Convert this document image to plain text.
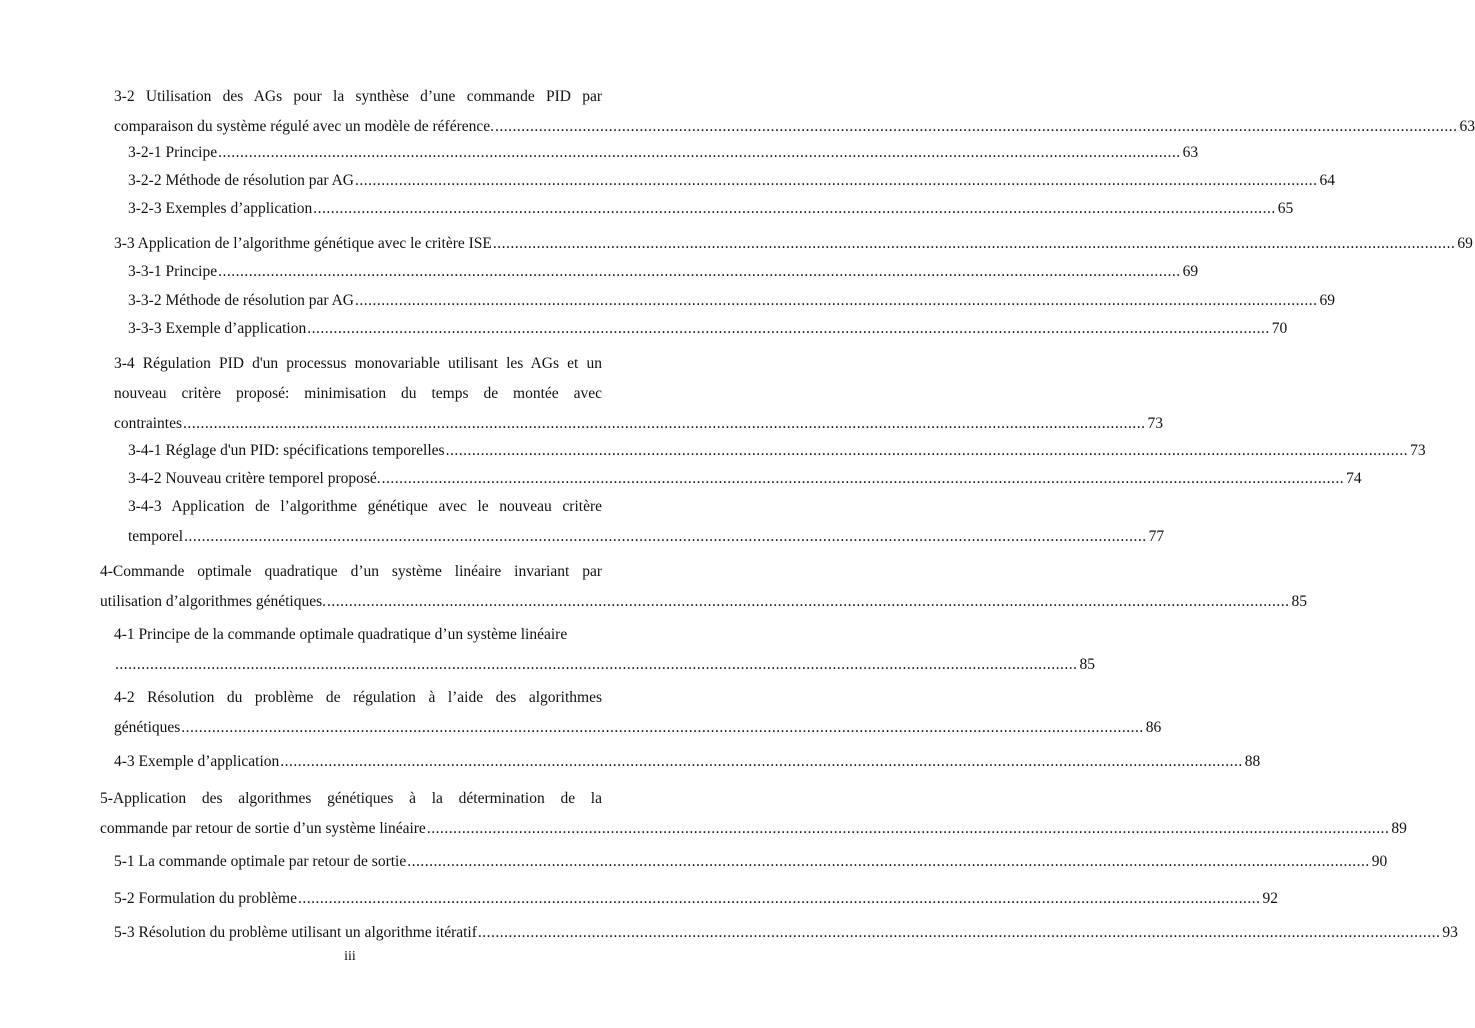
3-2 Utilisation des AGs pour la synthèse d’une commande PID par
comparaison du système régulé avec un modèle de référence. ............................................................................................................................................................................................................................ 63
3-2-1 Principe ............................................................................................................................................................................................................................ 63
3-2-2 Méthode de résolution par AG ............................................................................................................................................................................................................................ 64
3-2-3 Exemples d’application ............................................................................................................................................................................................................................ 65
3-3 Application de l’algorithme génétique avec le critère ISE ............................................................................................................................................................................................................................ 69
3-3-1 Principe ............................................................................................................................................................................................................................ 69
3-3-2 Méthode de résolution par AG ............................................................................................................................................................................................................................ 69
3-3-3 Exemple d’application ............................................................................................................................................................................................................................ 70
3-4 Régulation PID d'un processus monovariable utilisant les AGs et un
nouveau critère proposé: minimisation du temps de montée avec
contraintes ............................................................................................................................................................................................................................ 73
3-4-1 Réglage d'un PID: spécifications temporelles ............................................................................................................................................................................................................................ 73
3-4-2 Nouveau critère temporel proposé. ............................................................................................................................................................................................................................ 74
3-4-3 Application de l’algorithme génétique avec le nouveau critère
temporel ............................................................................................................................................................................................................................ 77
4-Commande optimale quadratique d’un système linéaire invariant par
utilisation d’algorithmes génétiques. ............................................................................................................................................................................................................................ 85
4-1 Principe de la commande optimale quadratique d’un système linéaire
............................................................................................................................................................................................................................ 85
4-2 Résolution du problème de régulation à l’aide des algorithmes
génétiques ............................................................................................................................................................................................................................ 86
4-3 Exemple d’application ............................................................................................................................................................................................................................ 88
5-Application des algorithmes génétiques à la détermination de la
commande par retour de sortie d’un système linéaire ............................................................................................................................................................................................................................ 89
5-1 La commande optimale par retour de sortie ............................................................................................................................................................................................................................ 90
5-2 Formulation du problème ............................................................................................................................................................................................................................ 92
5-3 Résolution du problème utilisant un algorithme itératif ............................................................................................................................................................................................................................ 93
iii
